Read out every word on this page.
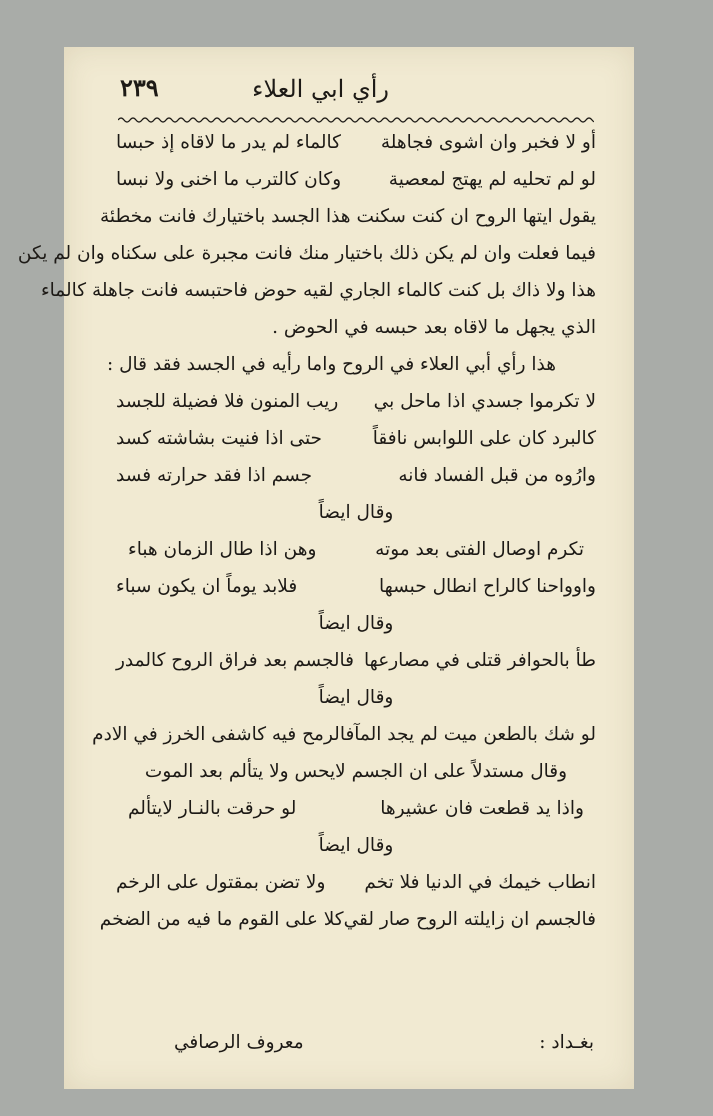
رأي ابي العلاء
٢٣٩
أو لا فخبر وان اشوى فجاهلة
كالماء لم يدر ما لاقاه إذ حبسا
لو لم تحليه لم يهتج لمعصية
وكان كالترب ما اخنى ولا نبسا
يقول ايتها الروح ان كنت سكنت هذا الجسد باختيارك فانت مخطئة
فيما فعلت وان لم يكن ذلك باختيار منك فانت مجبرة على سكناه وان لم يكن
هذا ولا ذاك بل كنت كالماء الجاري لقيه حوض فاحتبسه فانت جاهلة كالماء
الذي يجهل ما لاقاه بعد حبسه في الحوض .
هذا رأي أبي العلاء في الروح واما رأيه في الجسد فقد قال :
لا تكرموا جسدي اذا ماحل بي
ريب المنون فلا فضيلة للجسد
كالبرد كان على اللوابس نافقاً
حتى اذا فنيت بشاشته كسد
وارُوه من قبل الفساد فانه
جسم اذا فقد حرارته فسد
وقال ايضاً
تكرم اوصال الفتى بعد موته
وهن اذا طال الزمان هباء
واوواحنا كالراح انطال حبسها
فلابد يوماً ان يكون سباء
وقال ايضاً
طأ بالحوافر قتلى في مصارعها
فالجسم بعد فراق الروح كالمدر
وقال ايضاً
لو شك بالطعن ميت لم يجد المآ
فالرمح فيه كاشفى الخرز في الادم
وقال مستدلاً على ان الجسم لايحس ولا يتألم بعد الموت
واذا يد قطعت فان عشيرها
لو حرقت بالنـار لايتألم
وقال ايضاً
انطاب خيمك في الدنيا فلا تخم
ولا تضن بمقتول على الرخم
فالجسم ان زايلته الروح صار لقي
كلا على القوم ما فيه من الضخم
بغـداد :
معروف الرصافي
